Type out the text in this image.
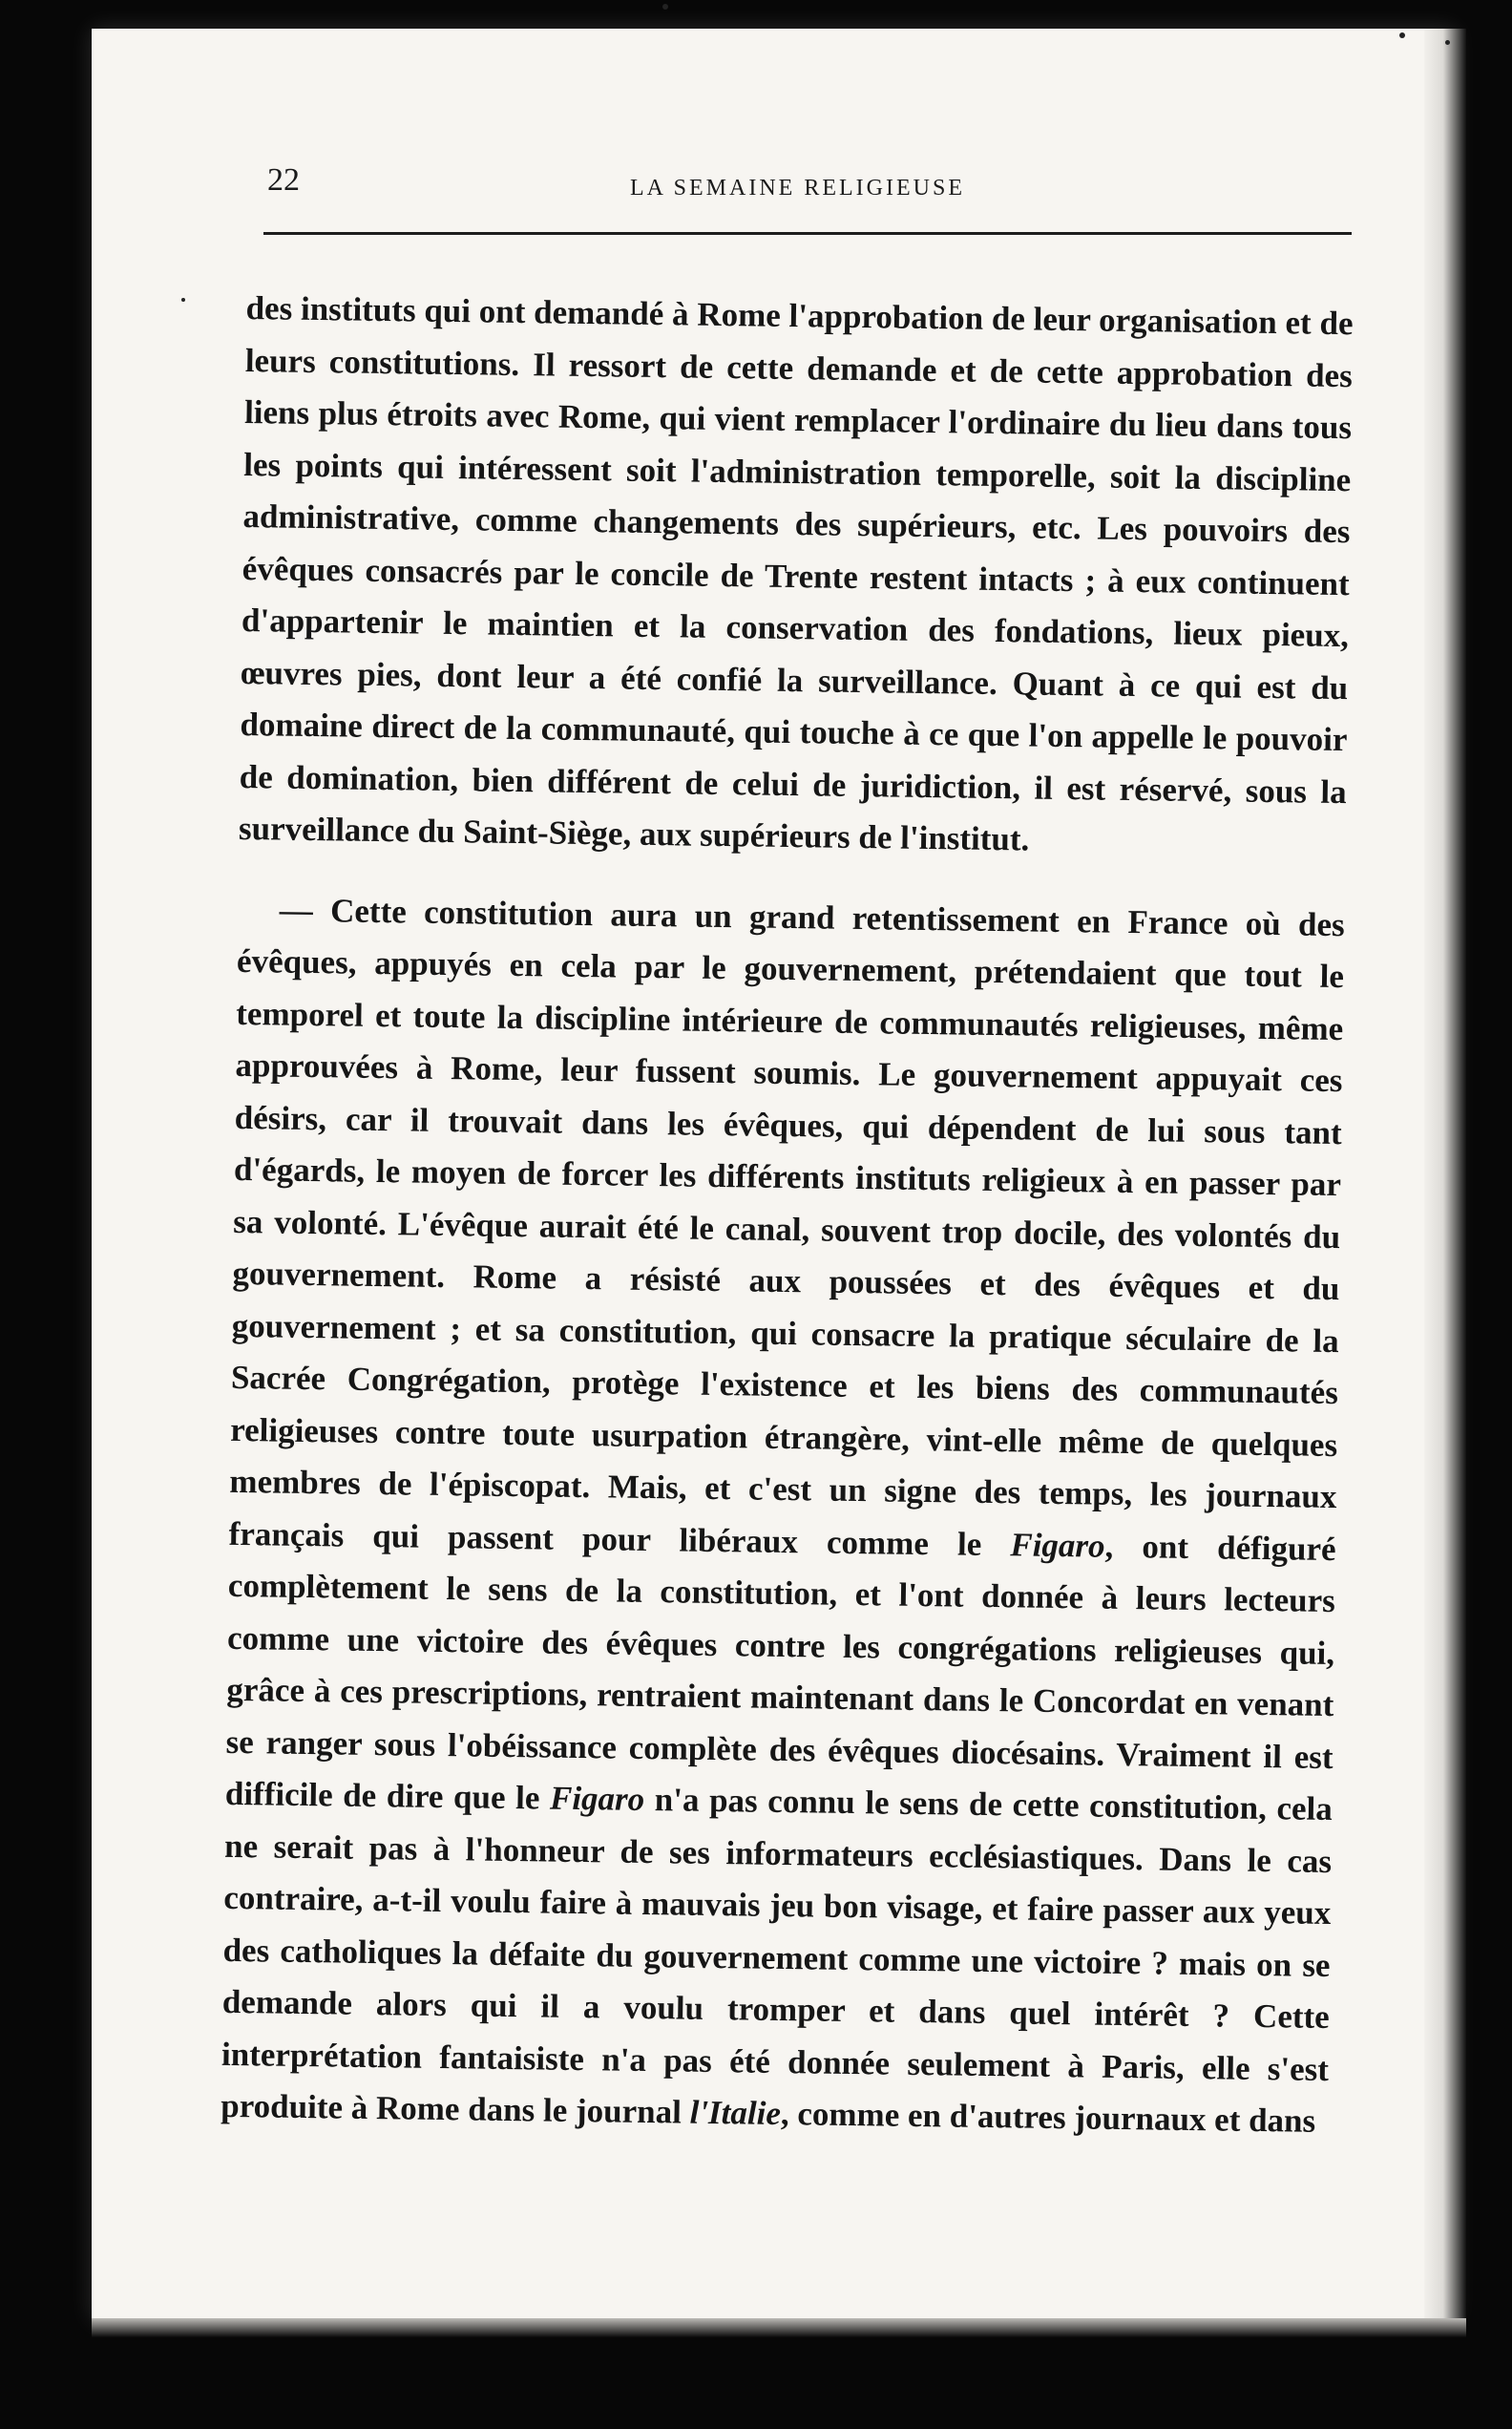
22	LA SEMAINE RELIGIEUSE

des instituts qui ont demandé à Rome l'approbation de leur organisation et de leurs constitutions. Il ressort de cette demande et de cette approbation des liens plus étroits avec Rome, qui vient remplacer l'ordinaire du lieu dans tous les points qui intéressent soit l'administration temporelle, soit la discipline administrative, comme changements des supérieurs, etc. Les pouvoirs des évêques consacrés par le concile de Trente restent intacts ; à eux continuent d'appartenir le maintien et la conservation des fondations, lieux pieux, œuvres pies, dont leur a été confié la surveillance. Quant à ce qui est du domaine direct de la communauté, qui touche à ce que l'on appelle le pouvoir de domination, bien différent de celui de juridiction, il est réservé, sous la surveillance du Saint-Siège, aux supérieurs de l'institut.

— Cette constitution aura un grand retentissement en France où des évêques, appuyés en cela par le gouvernement, prétendaient que tout le temporel et toute la discipline intérieure de communautés religieuses, même approuvées à Rome, leur fussent soumis. Le gouvernement appuyait ces désirs, car il trouvait dans les évêques, qui dépendent de lui sous tant d'égards, le moyen de forcer les différents instituts religieux à en passer par sa volonté. L'évêque aurait été le canal, souvent trop docile, des volontés du gouvernement. Rome a résisté aux poussées et des évêques et du gouvernement ; et sa constitution, qui consacre la pratique séculaire de la Sacrée Congrégation, protège l'existence et les biens des communautés religieuses contre toute usurpation étrangère, vint-elle même de quelques membres de l'épiscopat. Mais, et c'est un signe des temps, les journaux français qui passent pour libéraux comme le Figaro, ont défiguré complètement le sens de la constitution, et l'ont donnée à leurs lecteurs comme une victoire des évêques contre les congrégations religieuses qui, grâce à ces prescriptions, rentraient maintenant dans le Concordat en venant se ranger sous l'obéissance complète des évêques diocésains. Vraiment il est difficile de dire que le Figaro n'a pas connu le sens de cette constitution, cela ne serait pas à l'honneur de ses informateurs ecclésiastiques. Dans le cas contraire, a-t-il voulu faire à mauvais jeu bon visage, et faire passer aux yeux des catholiques la défaite du gouvernement comme une victoire ? mais on se demande alors qui il a voulu tromper et dans quel intérêt ? Cette interprétation fantaisiste n'a pas été donnée seulement à Paris, elle s'est produite à Rome dans le journal l'Italie, comme en d'autres journaux et dans
